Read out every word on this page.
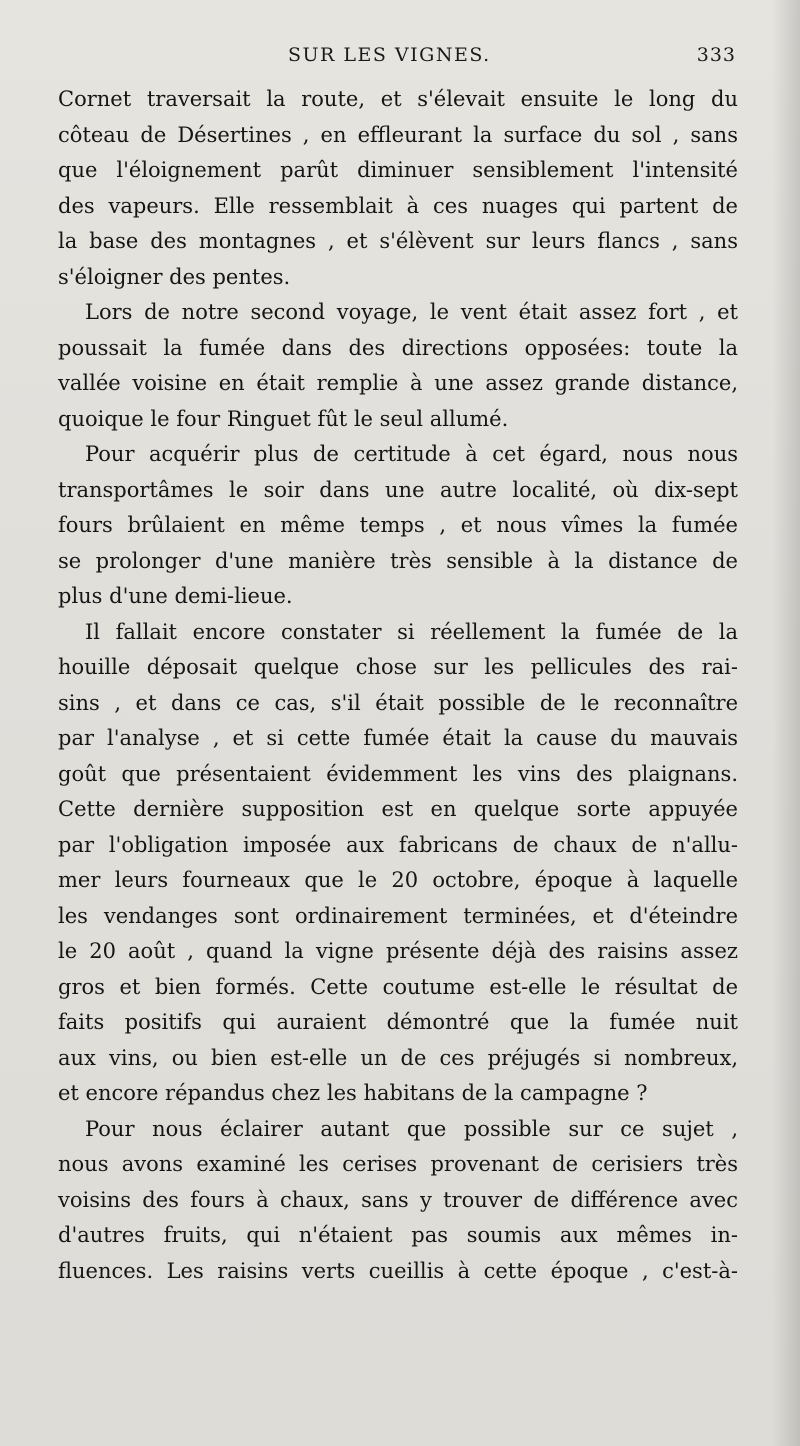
SUR LES VIGNES.	333
Cornet traversait la route, et s'élevait ensuite le long du
côteau de Désertines , en effleurant la surface du sol , sans
que l'éloignement parût diminuer sensiblement l'intensité
des vapeurs. Elle ressemblait à ces nuages qui partent de
la base des montagnes , et s'élèvent sur leurs flancs , sans
s'éloigner des pentes.
Lors de notre second voyage, le vent était assez fort , et
poussait la fumée dans des directions opposées: toute la
vallée voisine en était remplie à une assez grande distance,
quoique le four Ringuet fût le seul allumé.
Pour acquérir plus de certitude à cet égard, nous nous
transportâmes le soir dans une autre localité, où dix-sept
fours brûlaient en même temps , et nous vîmes la fumée
se prolonger d'une manière très sensible à la distance de
plus d'une demi-lieue.
Il fallait encore constater si réellement la fumée de la
houille déposait quelque chose sur les pellicules des rai-
sins , et dans ce cas, s'il était possible de le reconnaître
par l'analyse , et si cette fumée était la cause du mauvais
goût que présentaient évidemment les vins des plaignans.
Cette dernière supposition est en quelque sorte appuyée
par l'obligation imposée aux fabricans de chaux de n'allu-
mer leurs fourneaux que le 20 octobre, époque à laquelle
les vendanges sont ordinairement terminées, et d'éteindre
le 20 août , quand la vigne présente déjà des raisins assez
gros et bien formés. Cette coutume est-elle le résultat de
faits positifs qui auraient démontré que la fumée nuit
aux vins, ou bien est-elle un de ces préjugés si nombreux,
et encore répandus chez les habitans de la campagne ?
Pour nous éclairer autant que possible sur ce sujet ,
nous avons examiné les cerises provenant de cerisiers très
voisins des fours à chaux, sans y trouver de différence avec
d'autres fruits, qui n'étaient pas soumis aux mêmes in-
fluences. Les raisins verts cueillis à cette époque , c'est-à-
